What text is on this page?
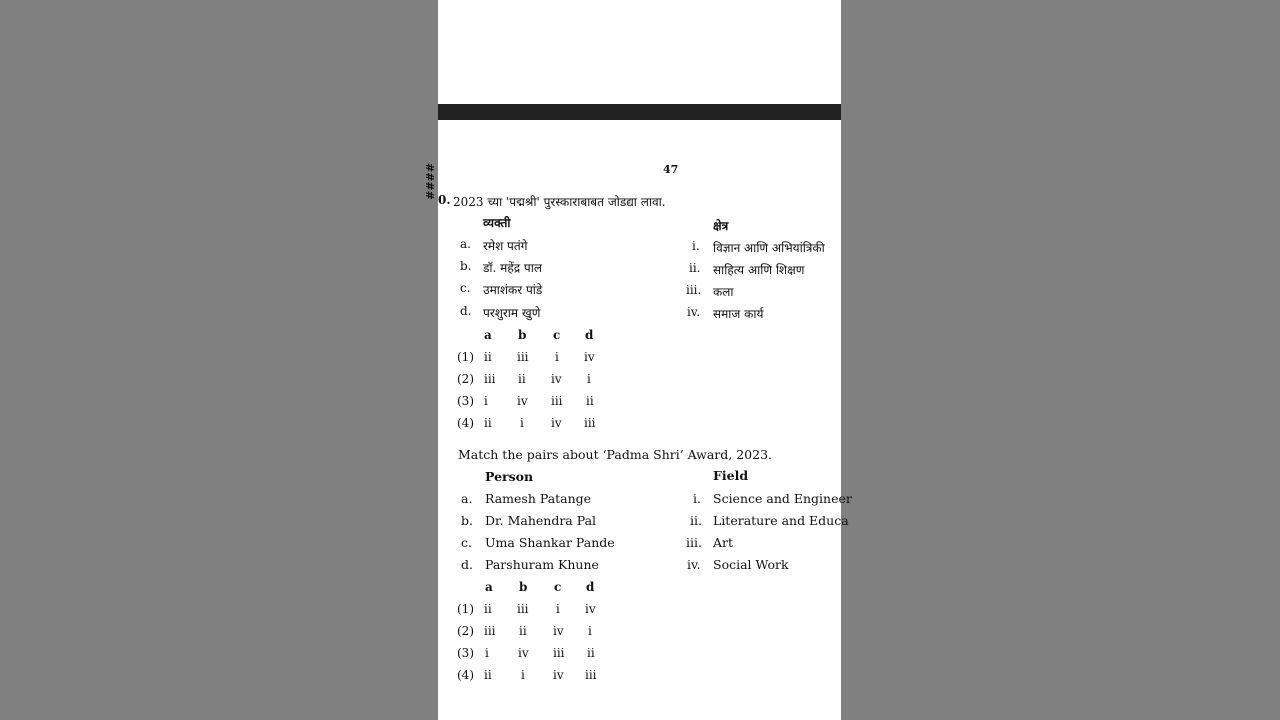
47
####
0. 2023 च्या 'पद्मश्री' पुरस्काराबाबत जोडद्या लावा.
व्यक्ती	क्षेत्र
a. रमेश पतंगे
b. डॉ. महेंद्र पाल
c. उमाशंकर पांडे
d. परशुराम खुणे
i. विज्ञान आणि अभियांत्रिकी
ii. साहित्य आणि शिक्षण
iii. कला
iv. समाज कार्य
a b c d
(1) ii iii i iv
(2) iii ii iv i
(3) i iv iii ii
(4) ii i iv iii
Match the pairs about ‘Padma Shri’ Award, 2023.
Person	Field
a. Ramesh Patange
b. Dr. Mahendra Pal
c. Uma Shankar Pande
d. Parshuram Khune
i. Science and Engineer
ii. Literature and Educa
iii. Art
iv. Social Work
a b c d
(1) ii iii i iv
(2) iii ii iv i
(3) i iv iii ii
(4) ii i iv iii
